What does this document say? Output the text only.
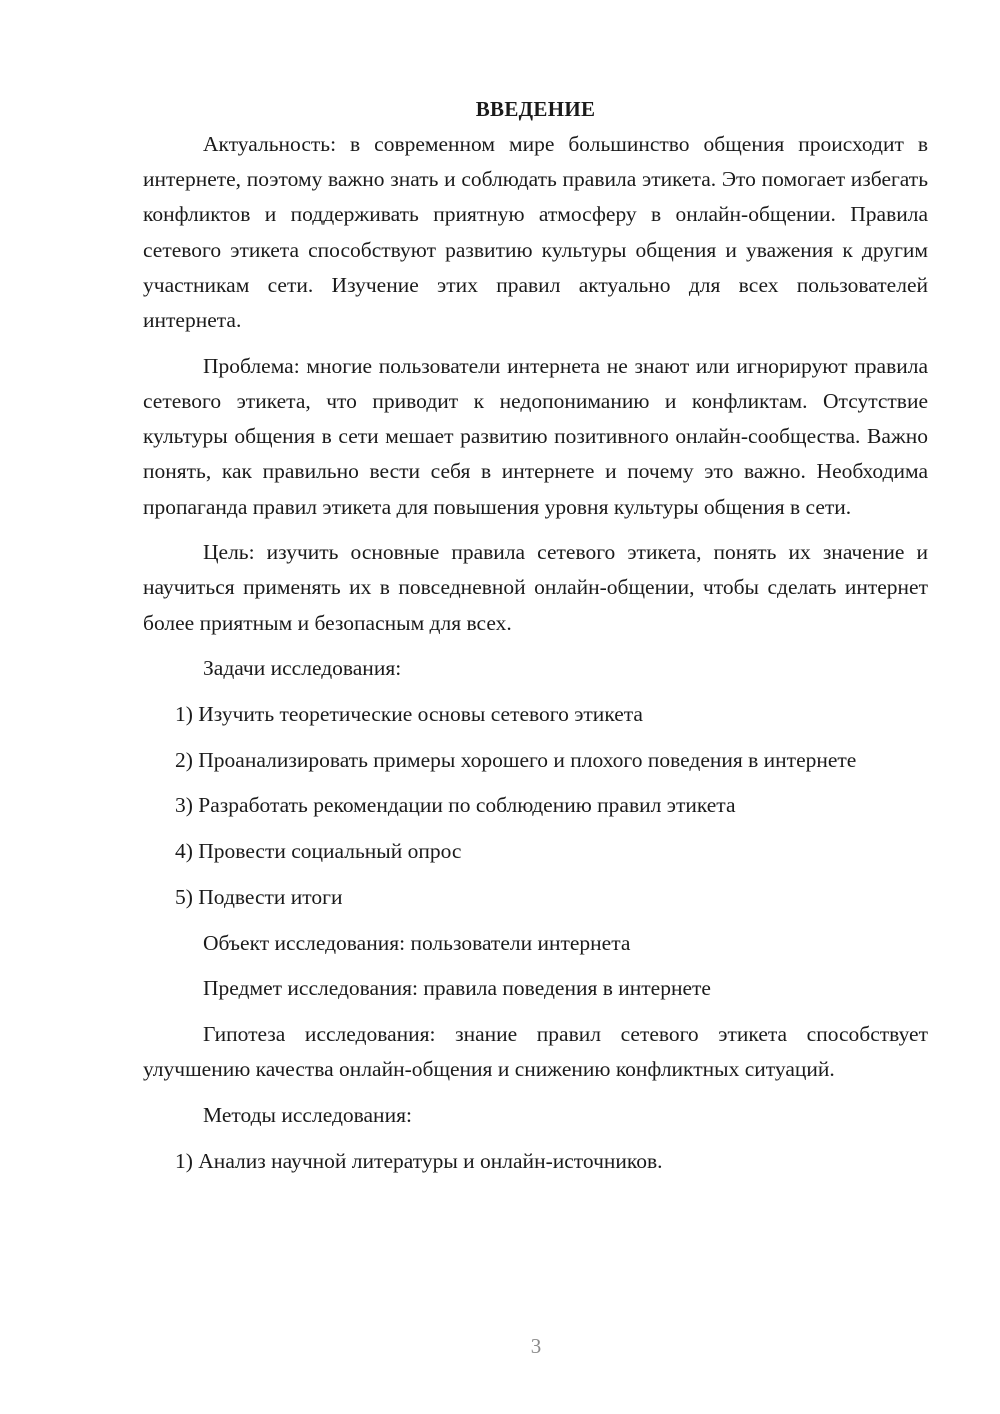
ВВЕДЕНИЕ

Актуальность: в современном мире большинство общения происходит в интернете, поэтому важно знать и соблюдать правила этикета. Это помогает избегать конфликтов и поддерживать приятную атмосферу в онлайн-общении. Правила сетевого этикета способствуют развитию культуры общения и уважения к другим участникам сети. Изучение этих правил актуально для всех пользователей интернета.

Проблема: многие пользователи интернета не знают или игнорируют правила сетевого этикета, что приводит к недопониманию и конфликтам. Отсутствие культуры общения в сети мешает развитию позитивного онлайн-сообщества. Важно понять, как правильно вести себя в интернете и почему это важно. Необходима пропаганда правил этикета для повышения уровня культуры общения в сети.

Цель: изучить основные правила сетевого этикета, понять их значение и научиться применять их в повседневной онлайн-общении, чтобы сделать интернет более приятным и безопасным для всех.

Задачи исследования:

1) Изучить теоретические основы сетевого этикета

2) Проанализировать примеры хорошего и плохого поведения в интернете

3) Разработать рекомендации по соблюдению правил этикета

4) Провести социальный опрос

5) Подвести итоги

Объект исследования: пользователи интернета

Предмет исследования: правила поведения в интернете

Гипотеза исследования: знание правил сетевого этикета способствует улучшению качества онлайн-общения и снижению конфликтных ситуаций.

Методы исследования:

1) Анализ научной литературы и онлайн-источников.

3
